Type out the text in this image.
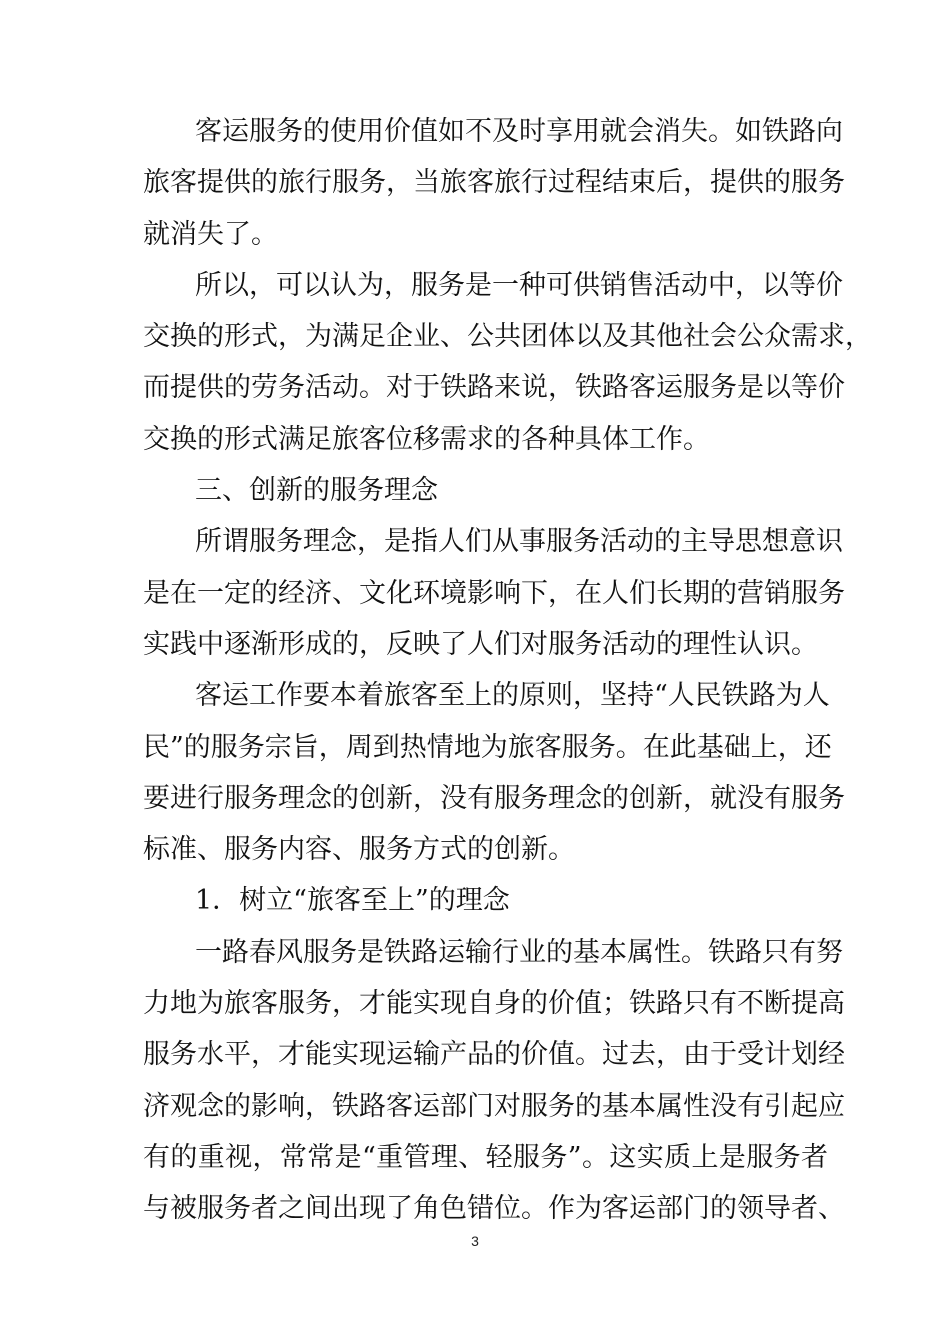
客运服务的使用价值如不及时享用就会消失。如铁路向
旅客提供的旅行服务，当旅客旅行过程结束后，提供的服务
就消失了。
所以，可以认为，服务是一种可供销售活动中，以等价
交换的形式，为满足企业、公共团体以及其他社会公众需求，
而提供的劳务活动。对于铁路来说，铁路客运服务是以等价
交换的形式满足旅客位移需求的各种具体工作。
三、创新的服务理念
所谓服务理念，是指人们从事服务活动的主导思想意识
是在一定的经济、文化环境影响下，在人们长期的营销服务
实践中逐渐形成的，反映了人们对服务活动的理性认识。
客运工作要本着旅客至上的原则，坚持“人民铁路为人
民”的服务宗旨，周到热情地为旅客服务。在此基础上，还
要进行服务理念的创新，没有服务理念的创新，就没有服务
标准、服务内容、服务方式的创新。
1．树立“旅客至上”的理念
一路春风服务是铁路运输行业的基本属性。铁路只有努
力地为旅客服务，才能实现自身的价值；铁路只有不断提高
服务水平，才能实现运输产品的价值。过去，由于受计划经
济观念的影响，铁路客运部门对服务的基本属性没有引起应
有的重视，常常是“重管理、轻服务”。这实质上是服务者
与被服务者之间出现了角色错位。作为客运部门的领导者、
3
